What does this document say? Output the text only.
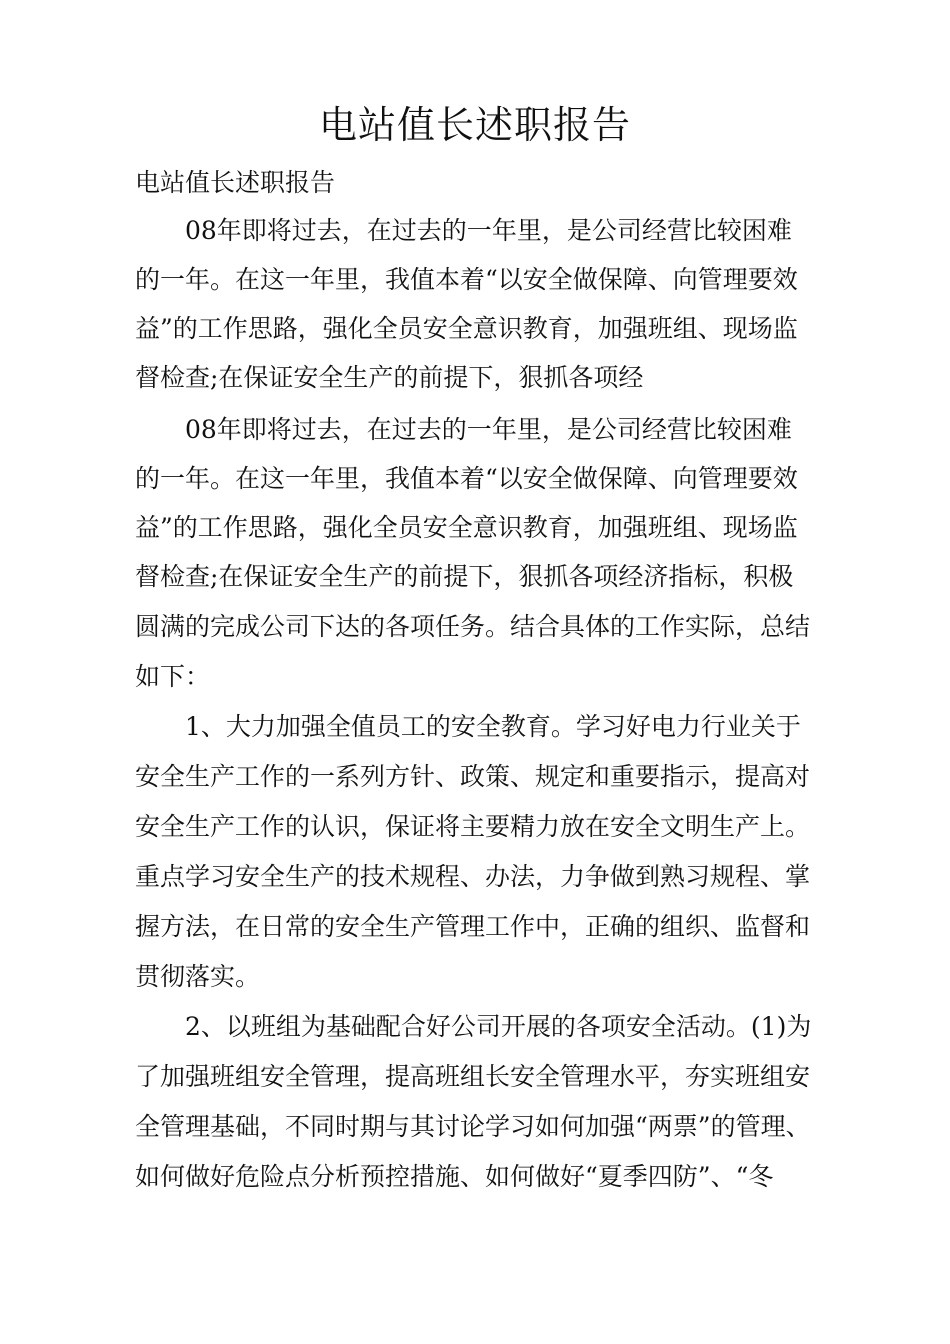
电站值长述职报告
电站值长述职报告
08年即将过去，在过去的一年里，是公司经营比较困难
的一年。在这一年里，我值本着“以安全做保障、向管理要效
益”的工作思路，强化全员安全意识教育，加强班组、现场监
督检查;在保证安全生产的前提下，狠抓各项经
08年即将过去，在过去的一年里，是公司经营比较困难
的一年。在这一年里，我值本着“以安全做保障、向管理要效
益”的工作思路，强化全员安全意识教育，加强班组、现场监
督检查;在保证安全生产的前提下，狠抓各项经济指标，积极
圆满的完成公司下达的各项任务。结合具体的工作实际，总结
如下：
1、大力加强全值员工的安全教育。学习好电力行业关于
安全生产工作的一系列方针、政策、规定和重要指示，提高对
安全生产工作的认识，保证将主要精力放在安全文明生产上。
重点学习安全生产的技术规程、办法，力争做到熟习规程、掌
握方法，在日常的安全生产管理工作中，正确的组织、监督和
贯彻落实。
2、以班组为基础配合好公司开展的各项安全活动。(1)为
了加强班组安全管理，提高班组长安全管理水平，夯实班组安
全管理基础，不同时期与其讨论学习如何加强“两票”的管理、
如何做好危险点分析预控措施、如何做好“夏季四防”、“冬
